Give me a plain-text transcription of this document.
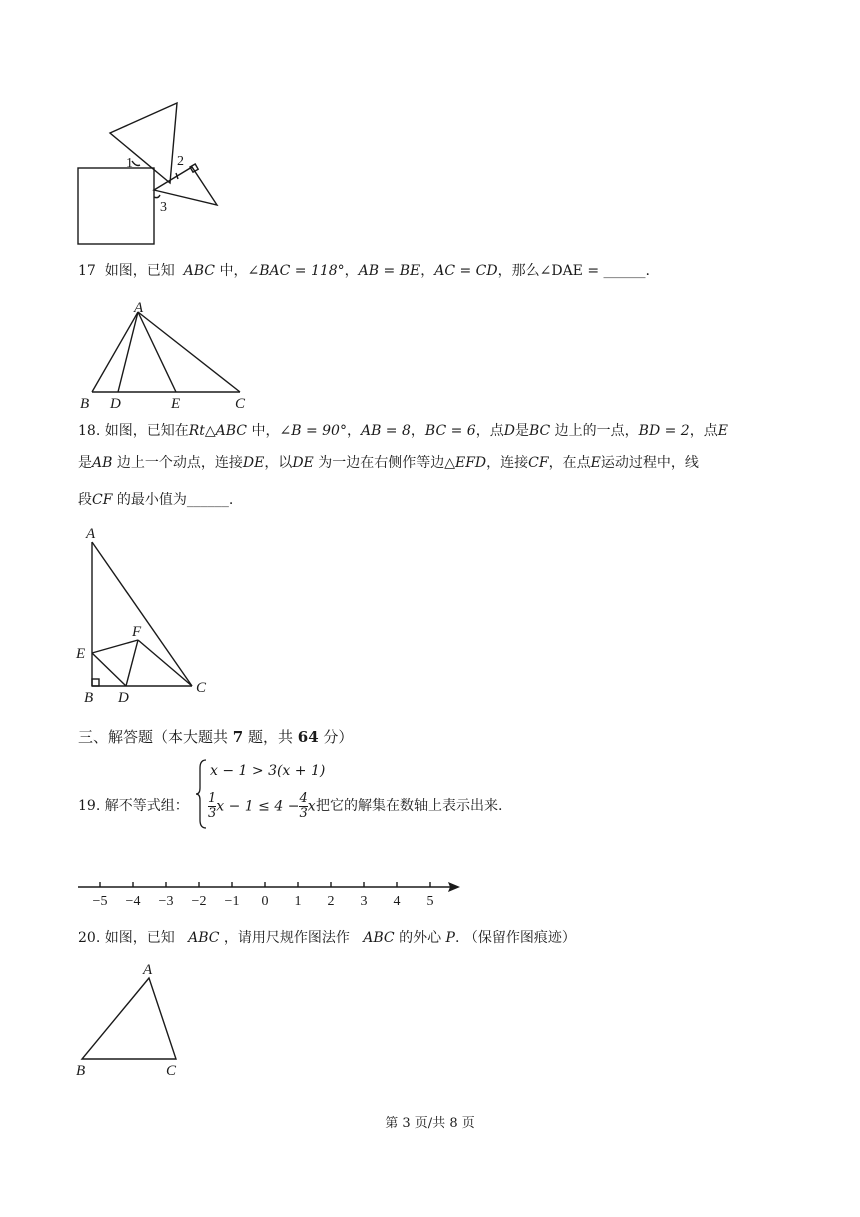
1	2
3
17 如图，已知 ABC 中，∠BAC = 118°，AB = BE，AC = CD，那么∠DAE = ______.
A
B D	E	C
18. 如图，已知在Rt△ABC 中，∠B = 90°，AB = 8，BC = 6，点D是BC 边上的一点，BD = 2，点E
是AB 边上一个动点，连接DE，以DE 为一边在右侧作等边△EFD，连接CF，在点E运动过程中，线
段CF 的最小值为______.
A
E
F
B D
C
三、解答题（本大题共 7 题，共 64 分）
19. 解不等式组：
x − 1 > 3(x + 1)
$\frac{1}{3}$ $x - 1 \le 4 - \frac{4}{3}$ x 把它的解集在数轴上表示出来.
−5 −4 −3 −2 −1 0 1 2 3 4 5
20. 如图，已知 ABC ，请用尺规作图法作 ABC 的外心 P. （保留作图痕迹）
A
B	C
第 3 页/共 8 页
